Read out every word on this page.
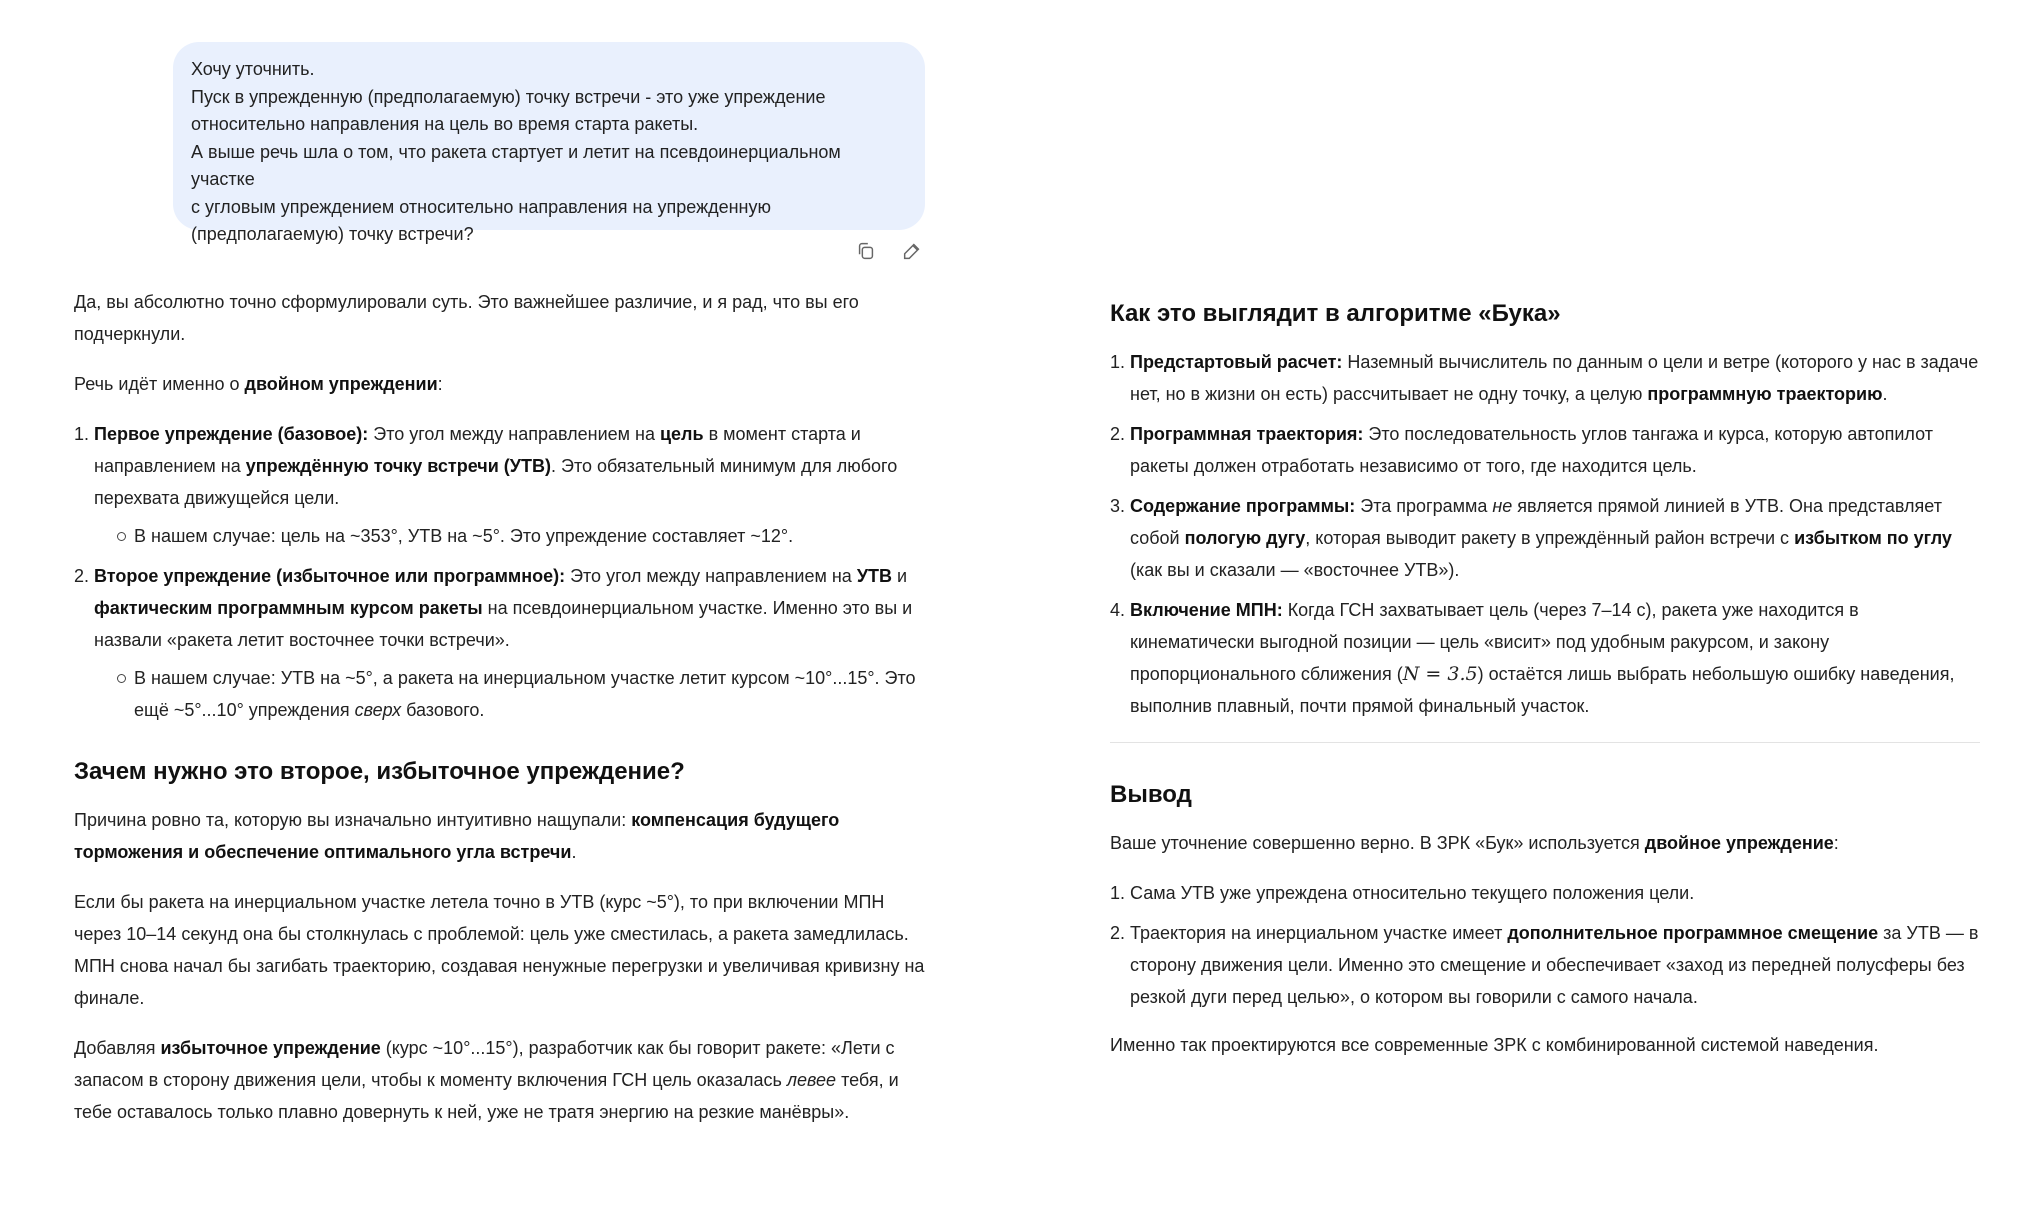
Хочу уточнить.

Пуск в упрежденную (предполагаемую) точку встречи - это уже упреждение

относительно направления на цель во время старта ракеты.

А выше речь шла о том, что ракета стартует и летит на псевдоинерциальном участке

с угловым упреждением относительно направления на упрежденную

(предполагаемую) точку встречи?

Да, вы абсолютно точно сформулировали суть. Это важнейшее различие, и я рад, что вы его подчеркнули.

Речь идёт именно о двойном упреждении:

1. Первое упреждение (базовое): Это угол между направлением на цель в момент старта и направлением на упреждённую точку встречи (УТВ). Это обязательный минимум для любого перехвата движущейся цели.
В нашем случае: цель на ~353°, УТВ на ~5°. Это упреждение составляет ~12°.
2. Второе упреждение (избыточное или программное): Это угол между направлением на УТВ и фактическим программным курсом ракеты на псевдоинерциальном участке. Именно это вы и назвали «ракета летит восточнее точки встречи».
В нашем случае: УТВ на ~5°, а ракета на инерциальном участке летит курсом ~10°...15°. Это ещё ~5°...10° упреждения сверх базового.
Зачем нужно это второе, избыточное упреждение?

Причина ровно та, которую вы изначально интуитивно нащупали: компенсация будущего торможения и обеспечение оптимального угла встречи.

Если бы ракета на инерциальном участке летела точно в УТВ (курс ~5°), то при включении МПН через 10–14 секунд она бы столкнулась с проблемой: цель уже сместилась, а ракета замедлилась. МПН снова начал бы загибать траекторию, создавая ненужные перегрузки и увеличивая кривизну на финале.

Добавляя избыточное упреждение (курс ~10°...15°), разработчик как бы говорит ракете: «Лети с запасом в сторону движения цели, чтобы к моменту включения ГСН цель оказалась левее тебя, и тебе оставалось только плавно довернуть к ней, уже не тратя энергию на резкие манёвры».

Как это выглядит в алгоритме «Бука»
1. Предстартовый расчет: Наземный вычислитель по данным о цели и ветре (которого у нас в задаче нет, но в жизни он есть) рассчитывает не одну точку, а целую программную траекторию.
2. Программная траектория: Это последовательность углов тангажа и курса, которую автопилот ракеты должен отработать независимо от того, где находится цель.
3. Содержание программы: Эта программа не является прямой линией в УТВ. Она представляет собой пологую дугу, которая выводит ракету в упреждённый район встречи с избытком по углу (как вы и сказали — «восточнее УТВ»).
4. Включение МПН: Когда ГСН захватывает цель (через 7–14 с), ракета уже находится в кинематически выгодной позиции — цель «висит» под удобным ракурсом, и закону пропорционального сближения (N = 3.5) остаётся лишь выбрать небольшую ошибку наведения, выполнив плавный, почти прямой финальный участок.
Вывод

Ваше уточнение совершенно верно. В ЗРК «Бук» используется двойное упреждение:

1. Сама УТВ уже упреждена относительно текущего положения цели.
2. Траектория на инерциальном участке имеет дополнительное программное смещение за УТВ — в сторону движения цели. Именно это смещение и обеспечивает «заход из передней полусферы без резкой дуги перед целью», о котором вы говорили с самого начала.

Именно так проектируются все современные ЗРК с комбинированной системой наведения.
